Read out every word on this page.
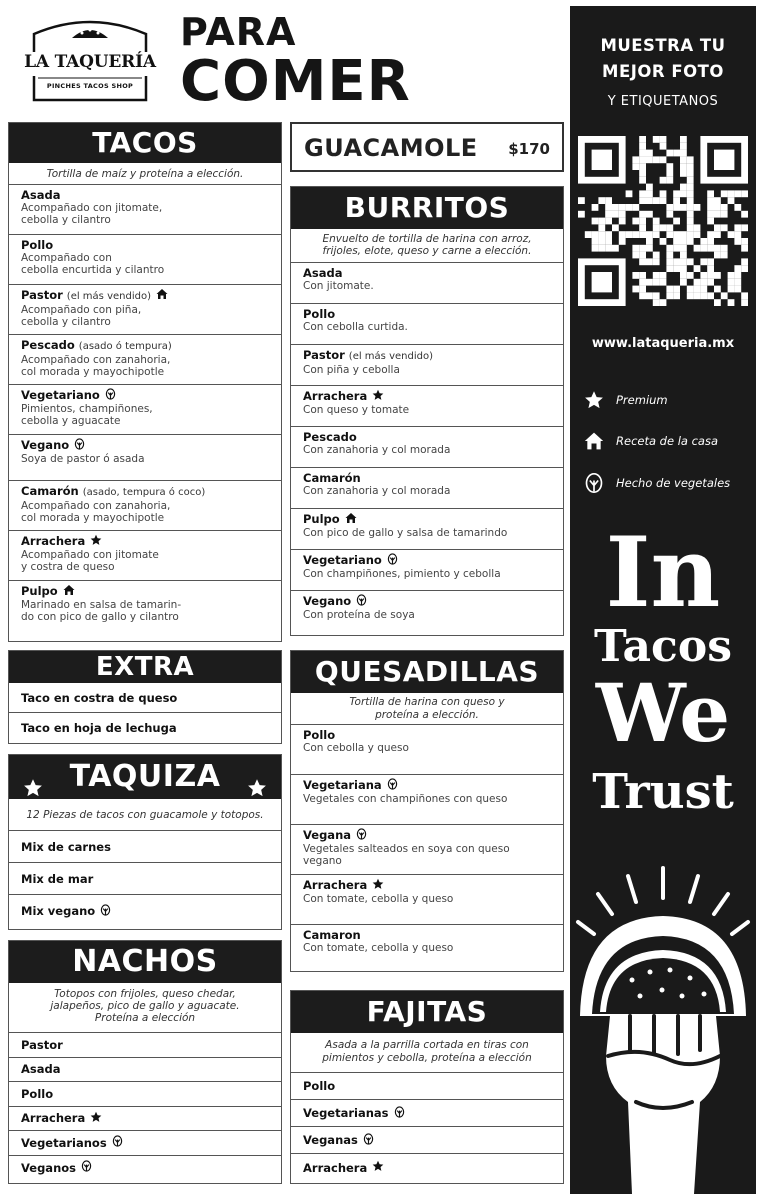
LA TAQUERÍA
PINCHES TACOS SHOP
PARA
COMER
TACOS
Tortilla de maíz y proteína a elección.
Asada
Acompañado con jitomate,
cebolla y cilantro
Pollo
Acompañado con
cebolla encurtida y cilantro
Pastor (el más vendido)
Acompañado con piña,
cebolla y cilantro
Pescado (asado ó tempura)
Acompañado con zanahoria,
col morada y mayochipotle
Vegetariano
Pimientos, champiñones,
cebolla y aguacate
Vegano
Soya de pastor ó asada
Camarón (asado, tempura ó coco)
Acompañado con zanahoria,
col morada y mayochipotle
Arrachera
Acompañado con jitomate
y costra de queso
Pulpo
Marinado en salsa de tamarin-
do con pico de gallo y cilantro
EXTRA
Taco en costra de queso
Taco en hoja de lechuga
TAQUIZA
12 Piezas de tacos con guacamole y totopos.
Mix de carnes
Mix de mar
Mix vegano
NACHOS
Totopos con frijoles, queso chedar,
jalapeños, pico de gallo y aguacate.
Proteína a elección
Pastor
Asada
Pollo
Arrachera
Vegetarianos
Veganos
GUACAMOLE $170
BURRITOS
Envuelto de tortilla de harina con arroz,
frijoles, elote, queso y carne a elección.
Asada
Con jitomate.
Pollo
Con cebolla curtida.
Pastor (el más vendido)
Con piña y cebolla
Arrachera
Con queso y tomate
Pescado
Con zanahoria y col morada
Camarón
Con zanahoria y col morada
Pulpo
Con pico de gallo y salsa de tamarindo
Vegetariano
Con champiñones, pimiento y cebolla
Vegano
Con proteína de soya
QUESADILLAS
Tortilla de harina con queso y
proteína a elección.
Pollo
Con cebolla y queso
Vegetariana
Vegetales con champiñones con queso
Vegana
Vegetales salteados en soya con queso
vegano
Arrachera
Con tomate, cebolla y queso
Camaron
Con tomate, cebolla y queso
FAJITAS
Asada a la parrilla cortada en tiras con
pimientos y cebolla, proteína a elección
Pollo
Vegetarianas
Veganas
Arrachera
MUESTRA TU
MEJOR FOTO
Y ETIQUETANOS
www.lataqueria.mx
Premium
Receta de la casa
Hecho de vegetales
In
Tacos
We
Trust
